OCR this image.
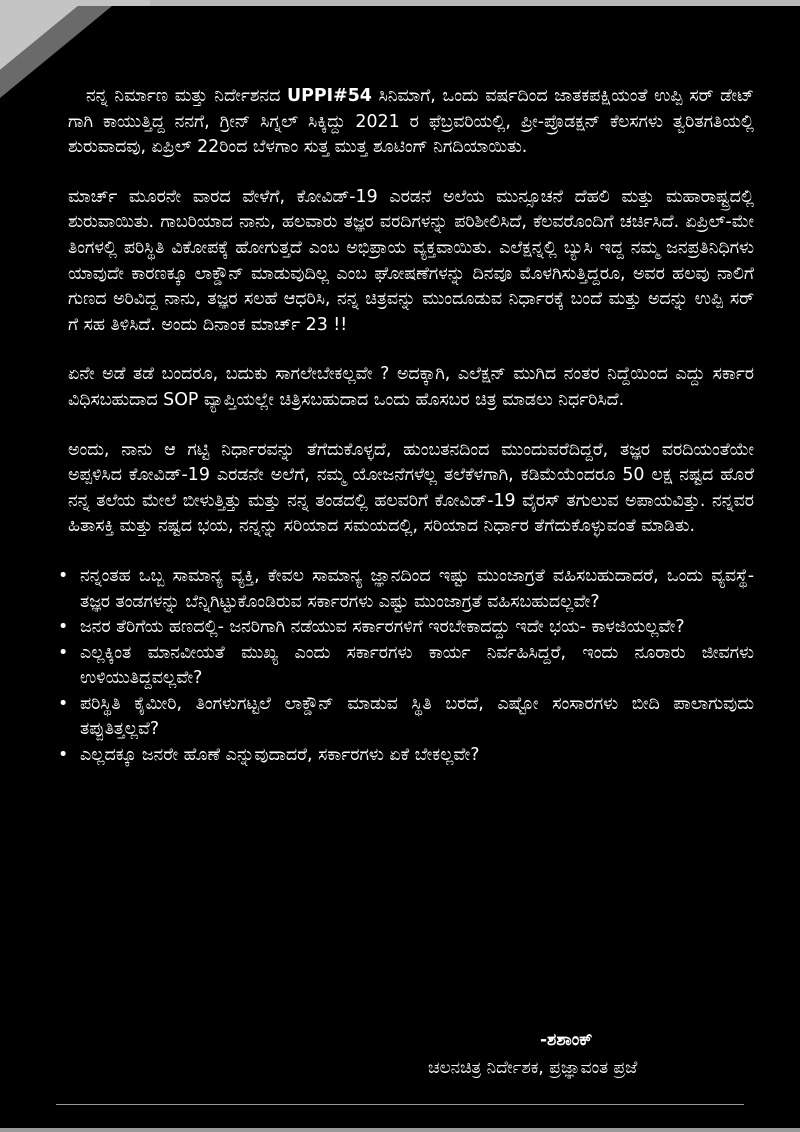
ನನ್ನ ನಿರ್ಮಾಣ ಮತ್ತು ನಿರ್ದೇಶನದ UPPI#54 ಸಿನಿಮಾಗೆ, ಒಂದು ವರ್ಷದಿಂದ ಜಾತಕಪಕ್ಷಿಯಂತೆ ಉಪ್ಪಿ ಸರ್ ಡೇಟ್ ಗಾಗಿ ಕಾಯುತ್ತಿದ್ದ ನನಗೆ, ಗ್ರೀನ್ ಸಿಗ್ನಲ್ ಸಿಕ್ಕಿದ್ದು 2021 ರ ಫೆಬ್ರವರಿಯಲ್ಲಿ, ಪ್ರೀ-ಪ್ರೊಡಕ್ಷನ್ ಕೆಲಸಗಳು ತ್ವರಿತಗತಿಯಲ್ಲಿ ಶುರುವಾದವು, ಏಪ್ರಿಲ್ 22ರಿಂದ ಬೆಳಗಾಂ ಸುತ್ತ ಮುತ್ತ ಶೂಟಿಂಗ್ ನಿಗದಿಯಾಯಿತು.

ಮಾರ್ಚ್ ಮೂರನೇ ವಾರದ ವೇಳೆಗೆ, ಕೋವಿಡ್-19 ಎರಡನೆ ಅಲೆಯ ಮುನ್ಸೂಚನೆ ದೆಹಲಿ ಮತ್ತು ಮಹಾರಾಷ್ಟ್ರದಲ್ಲಿ ಶುರುವಾಯಿತು. ಗಾಬರಿಯಾದ ನಾನು, ಹಲವಾರು ತಜ್ಞರ ವರದಿಗಳನ್ನು ಪರಿಶೀಲಿಸಿದೆ, ಕೆಲವರೊಂದಿಗೆ ಚರ್ಚಿಸಿದೆ. ಏಪ್ರಿಲ್-ಮೇ ತಿಂಗಳಲ್ಲಿ ಪರಿಸ್ಥಿತಿ ವಿಕೋಪಕ್ಕೆ ಹೋಗುತ್ತದೆ ಎಂಬ ಅಭಿಪ್ರಾಯ ವ್ಯಕ್ತವಾಯಿತು. ಎಲೆಕ್ಷನ್ನಲ್ಲಿ ಬ್ಯುಸಿ ಇದ್ದ ನಮ್ಮ ಜನಪ್ರತಿನಿಧಿಗಳು ಯಾವುದೇ ಕಾರಣಕ್ಕೂ ಲಾಕ್ಡೌನ್ ಮಾಡುವುದಿಲ್ಲ ಎಂಬ ಘೋಷಣೆಗಳನ್ನು ದಿನವೂ ಮೊಳಗಿಸುತ್ತಿದ್ದರೂ, ಅವರ ಹಲವು ನಾಲಿಗೆ ಗುಣದ ಅರಿವಿದ್ದ ನಾನು, ತಜ್ಞರ ಸಲಹೆ ಆಧರಿಸಿ, ನನ್ನ ಚಿತ್ರವನ್ನು ಮುಂದೂಡುವ ನಿರ್ಧಾರಕ್ಕೆ ಬಂದೆ ಮತ್ತು ಅದನ್ನು ಉಪ್ಪಿ ಸರ್ ಗೆ ಸಹ ತಿಳಿಸಿದೆ. ಅಂದು ದಿನಾಂಕ ಮಾರ್ಚ್ 23 !!

ಏನೇ ಅಡೆ ತಡೆ ಬಂದರೂ, ಬದುಕು ಸಾಗಲೇಬೇಕಲ್ಲವೇ ? ಅದಕ್ಕಾಗಿ, ಎಲೆಕ್ಷನ್ ಮುಗಿದ ನಂತರ ನಿದ್ದೆಯಿಂದ ಎದ್ದು ಸರ್ಕಾರ ವಿಧಿಸಬಹುದಾದ SOP ವ್ಯಾಪ್ತಿಯಲ್ಲೇ ಚಿತ್ರಿಸಬಹುದಾದ ಒಂದು ಹೊಸಬರ ಚಿತ್ರ ಮಾಡಲು ನಿರ್ಧರಿಸಿದೆ.

ಅಂದು, ನಾನು ಆ ಗಟ್ಟಿ ನಿರ್ಧಾರವನ್ನು ತೆಗೆದುಕೊಳ್ಳದೆ, ಹುಂಬತನದಿಂದ ಮುಂದುವರೆದಿದ್ದರೆ, ತಜ್ಞರ ವರದಿಯಂತೆಯೇ ಅಪ್ಪಳಿಸಿದ ಕೋವಿಡ್-19 ಎರಡನೇ ಅಲೆಗೆ, ನಮ್ಮ ಯೋಜನೆಗಳೆಲ್ಲ ತಲೆಕೆಳಗಾಗಿ, ಕಡಿಮೆಯೆಂದರೂ 50 ಲಕ್ಷ ನಷ್ಟದ ಹೊರೆ ನನ್ನ ತಲೆಯ ಮೇಲೆ ಬೀಳುತ್ತಿತ್ತು ಮತ್ತು ನನ್ನ ತಂಡದಲ್ಲಿ ಹಲವರಿಗೆ ಕೋವಿಡ್-19 ವೈರಸ್ ತಗುಲುವ ಅಪಾಯವಿತ್ತು. ನನ್ನವರ ಹಿತಾಸಕ್ತಿ ಮತ್ತು ನಷ್ಟದ ಭಯ, ನನ್ನನ್ನು ಸರಿಯಾದ ಸಮಯದಲ್ಲಿ, ಸರಿಯಾದ ನಿರ್ಧಾರ ತೆಗೆದುಕೊಳ್ಳುವಂತೆ ಮಾಡಿತು.

• ನನ್ನಂತಹ ಒಬ್ಬ ಸಾಮಾನ್ಯ ವ್ಯಕ್ತಿ, ಕೇವಲ ಸಾಮಾನ್ಯ ಜ್ಞಾನದಿಂದ ಇಷ್ಟು ಮುಂಜಾಗ್ರತೆ ವಹಿಸಬಹುದಾದರೆ, ಒಂದು ವ್ಯವಸ್ಥೆ- ತಜ್ಞರ ತಂಡಗಳನ್ನು ಬೆನ್ನಿಗಿಟ್ಟುಕೊಂಡಿರುವ ಸರ್ಕಾರಗಳು ಎಷ್ಟು ಮುಂಜಾಗ್ರತೆ ವಹಿಸಬಹುದಲ್ಲವೇ?
• ಜನರ ತೆರಿಗೆಯ ಹಣದಲ್ಲಿ- ಜನರಿಗಾಗಿ ನಡೆಯುವ ಸರ್ಕಾರಗಳಿಗೆ ಇರಬೇಕಾದದ್ದು ಇದೇ ಭಯ- ಕಾಳಜಿಯಲ್ಲವೇ?
• ಎಲ್ಲಕ್ಕಿಂತ ಮಾನವೀಯತೆ ಮುಖ್ಯ ಎಂದು ಸರ್ಕಾರಗಳು ಕಾರ್ಯ ನಿರ್ವಹಿಸಿದ್ದರೆ, ಇಂದು ನೂರಾರು ಜೀವಗಳು ಉಳಿಯುತಿದ್ದವಲ್ಲವೇ?
• ಪರಿಸ್ಥಿತಿ ಕೈಮೀರಿ, ತಿಂಗಳುಗಟ್ಟಲೆ ಲಾಕ್ಡೌನ್ ಮಾಡುವ ಸ್ಥಿತಿ ಬರದೆ, ಎಷ್ಟೋ ಸಂಸಾರಗಳು ಬೀದಿ ಪಾಲಾಗುವುದು ತಪ್ಪುತಿತ್ತಲ್ಲವೆ?
• ಎಲ್ಲದಕ್ಕೂ ಜನರೇ ಹೊಣೆ ಎನ್ನುವುದಾದರೆ, ಸರ್ಕಾರಗಳು ಏಕೆ ಬೇಕಲ್ಲವೇ?
-ಶಶಾಂಕ್
ಚಲನಚಿತ್ರ ನಿರ್ದೇಶಕ, ಪ್ರಜ್ಞಾವಂತ ಪ್ರಜೆ
